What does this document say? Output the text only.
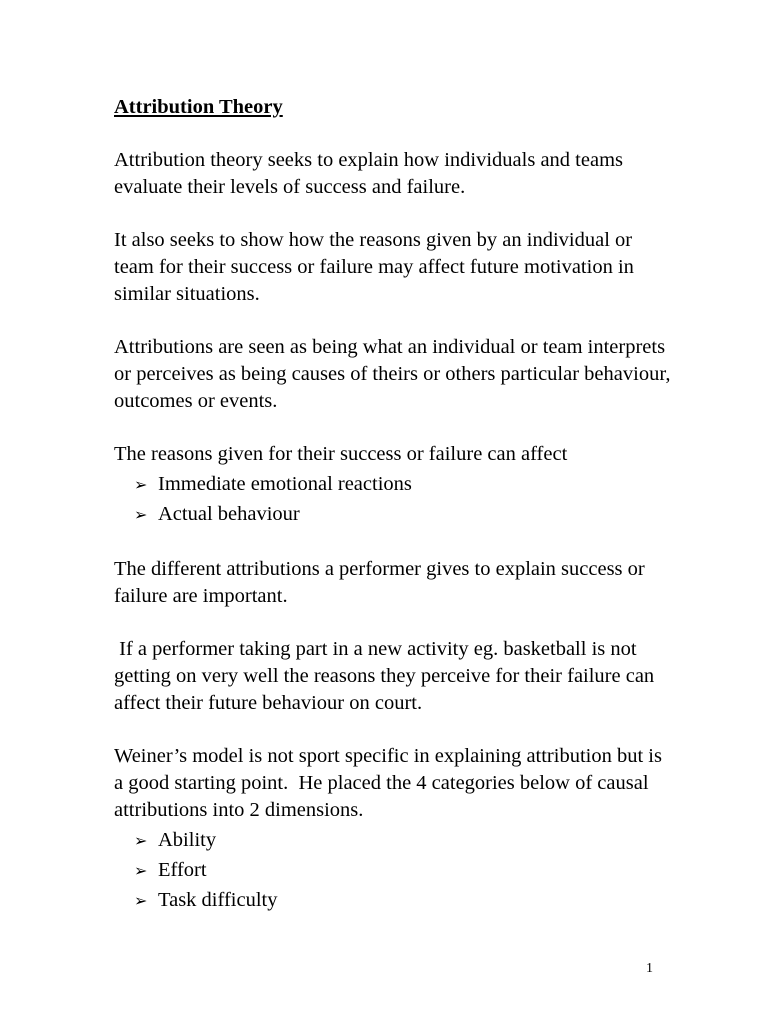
Attribution Theory
Attribution theory seeks to explain how individuals and teams evaluate their levels of success and failure.
It also seeks to show how the reasons given by an individual or team for their success or failure may affect future motivation in similar situations.
Attributions are seen as being what an individual or team interprets or perceives as being causes of theirs or others particular behaviour, outcomes or events.
The reasons given for their success or failure can affect
➢ Immediate emotional reactions
➢ Actual behaviour
The different attributions a performer gives to explain success or failure are important.
If a performer taking part in a new activity eg. basketball is not getting on very well the reasons they perceive for their failure can affect their future behaviour on court.
Weiner’s model is not sport specific in explaining attribution but is a good starting point.  He placed the 4 categories below of causal attributions into 2 dimensions.
➢ Ability
➢ Effort
➢ Task difficulty
1
